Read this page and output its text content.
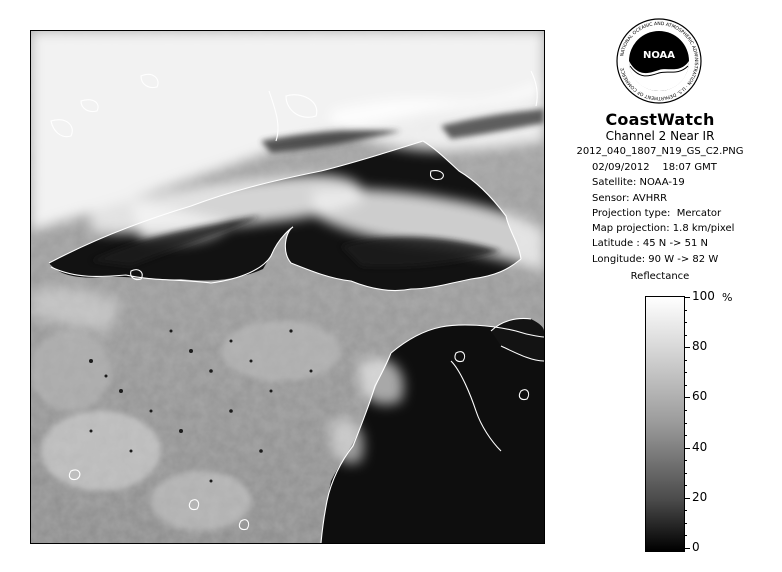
NOAA
NATIONAL OCEANIC AND ATMOSPHERIC ADMINISTRATION · U.S. DEPARTMENT OF COMMERCE
CoastWatch
Channel 2 Near IR
2012_040_1807_N19_GS_C2.PNG
02/09/2012 18:07 GMT
Satellite: NOAA-19
Sensor: AVHRR
Projection type:  Mercator
Map projection: 1.8 km/pixel
Latitude : 45 N -> 51 N
Longitude: 90 W -> 82 W
Reflectance
%
100
80
60
40
20
0
